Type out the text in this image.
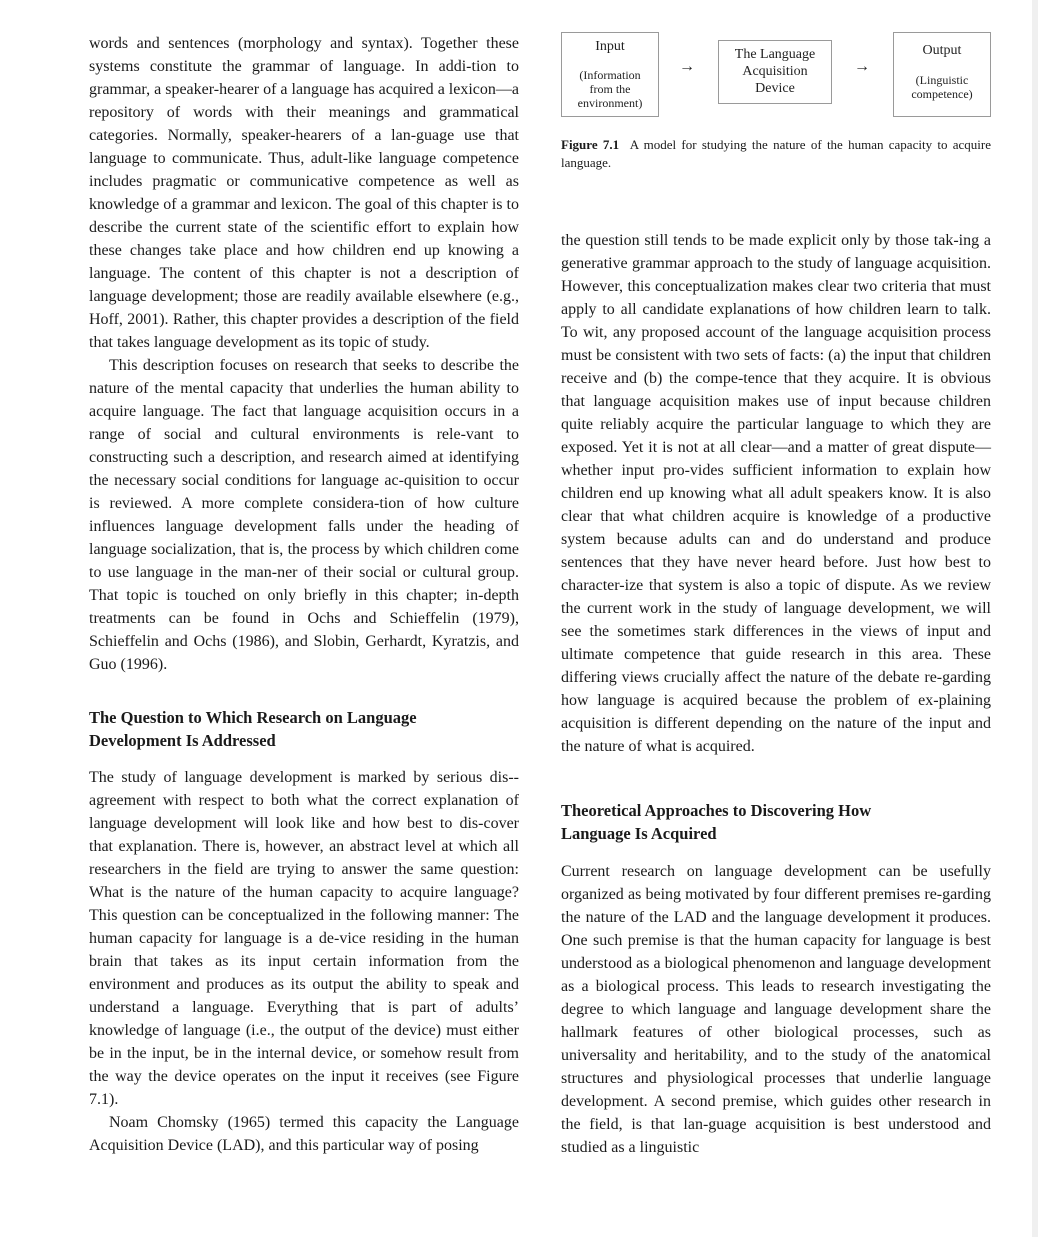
words and sentences (morphology and syntax). Together these systems constitute the grammar of language. In addi-tion to grammar, a speaker-hearer of a language has acquired a lexicon—a repository of words with their meanings and grammatical categories. Normally, speaker-hearers of a lan-guage use that language to communicate. Thus, adult-like language competence includes pragmatic or communicative competence as well as knowledge of a grammar and lexicon. The goal of this chapter is to describe the current state of the scientific effort to explain how these changes take place and how children end up knowing a language. The content of this chapter is not a description of language development; those are readily available elsewhere (e.g., Hoff, 2001). Rather, this chapter provides a description of the field that takes language development as its topic of study.

This description focuses on research that seeks to describe the nature of the mental capacity that underlies the human ability to acquire language. The fact that language acquisition occurs in a range of social and cultural environments is rele-vant to constructing such a description, and research aimed at identifying the necessary social conditions for language ac-quisition to occur is reviewed. A more complete considera-tion of how culture influences language development falls under the heading of language socialization, that is, the process by which children come to use language in the man-ner of their social or cultural group. That topic is touched on only briefly in this chapter; in-depth treatments can be found in Ochs and Schieffelin (1979), Schieffelin and Ochs (1986), and Slobin, Gerhardt, Kyratzis, and Guo (1996).

The Question to Which Research on Language
Development Is Addressed

The study of language development is marked by serious dis-agreement with respect to both what the correct explanation of language development will look like and how best to dis-cover that explanation. There is, however, an abstract level at which all researchers in the field are trying to answer the same question: What is the nature of the human capacity to acquire language? This question can be conceptualized in the following manner: The human capacity for language is a de-vice residing in the human brain that takes as its input certain information from the environment and produces as its output the ability to speak and understand a language. Everything that is part of adults’ knowledge of language (i.e., the output of the device) must either be in the input, be in the internal device, or somehow result from the way the device operates on the input it receives (see Figure 7.1).

Noam Chomsky (1965) termed this capacity the Language Acquisition Device (LAD), and this particular way of posing

Input
(Information from the environment)
→
The Language Acquisition Device
→
Output
(Linguistic competence)
Figure 7.1 A model for studying the nature of the human capacity to acquire language.

the question still tends to be made explicit only by those tak-ing a generative grammar approach to the study of language acquisition. However, this conceptualization makes clear two criteria that must apply to all candidate explanations of how children learn to talk. To wit, any proposed account of the language acquisition process must be consistent with two sets of facts: (a) the input that children receive and (b) the compe-tence that they acquire. It is obvious that language acquisition makes use of input because children quite reliably acquire the particular language to which they are exposed. Yet it is not at all clear—and a matter of great dispute—whether input pro-vides sufficient information to explain how children end up knowing what all adult speakers know. It is also clear that what children acquire is knowledge of a productive system because adults can and do understand and produce sentences that they have never heard before. Just how best to character-ize that system is also a topic of dispute. As we review the current work in the study of language development, we will see the sometimes stark differences in the views of input and ultimate competence that guide research in this area. These differing views crucially affect the nature of the debate re-garding how language is acquired because the problem of ex-plaining acquisition is different depending on the nature of the input and the nature of what is acquired.

Theoretical Approaches to Discovering How
Language Is Acquired

Current research on language development can be usefully organized as being motivated by four different premises re-garding the nature of the LAD and the language development it produces. One such premise is that the human capacity for language is best understood as a biological phenomenon and language development as a biological process. This leads to research investigating the degree to which language and language development share the hallmark features of other biological processes, such as universality and heritability, and to the study of the anatomical structures and physiological processes that underlie language development. A second premise, which guides other research in the field, is that lan-guage acquisition is best understood and studied as a linguistic
